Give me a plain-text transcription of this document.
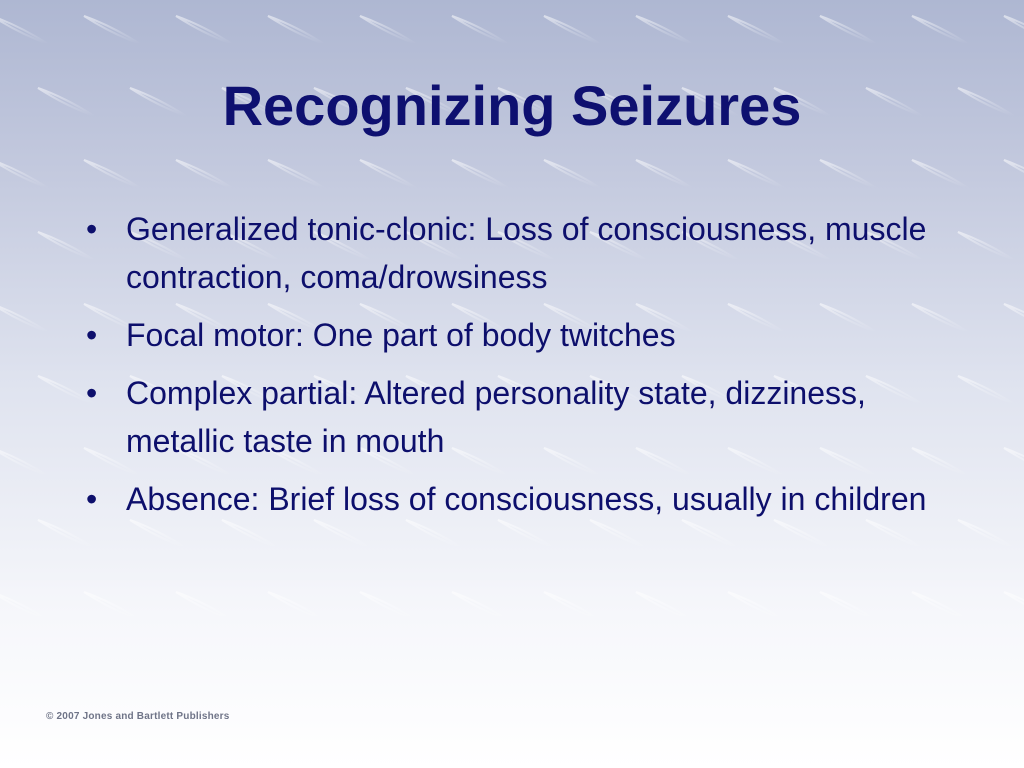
Recognizing Seizures
• Generalized tonic-clonic: Loss of consciousness, muscle contraction, coma/drowsiness
• Focal motor: One part of body twitches
• Complex partial: Altered personality state, dizziness, metallic taste in mouth
• Absence: Brief loss of consciousness, usually in children
© 2007 Jones and Bartlett Publishers
